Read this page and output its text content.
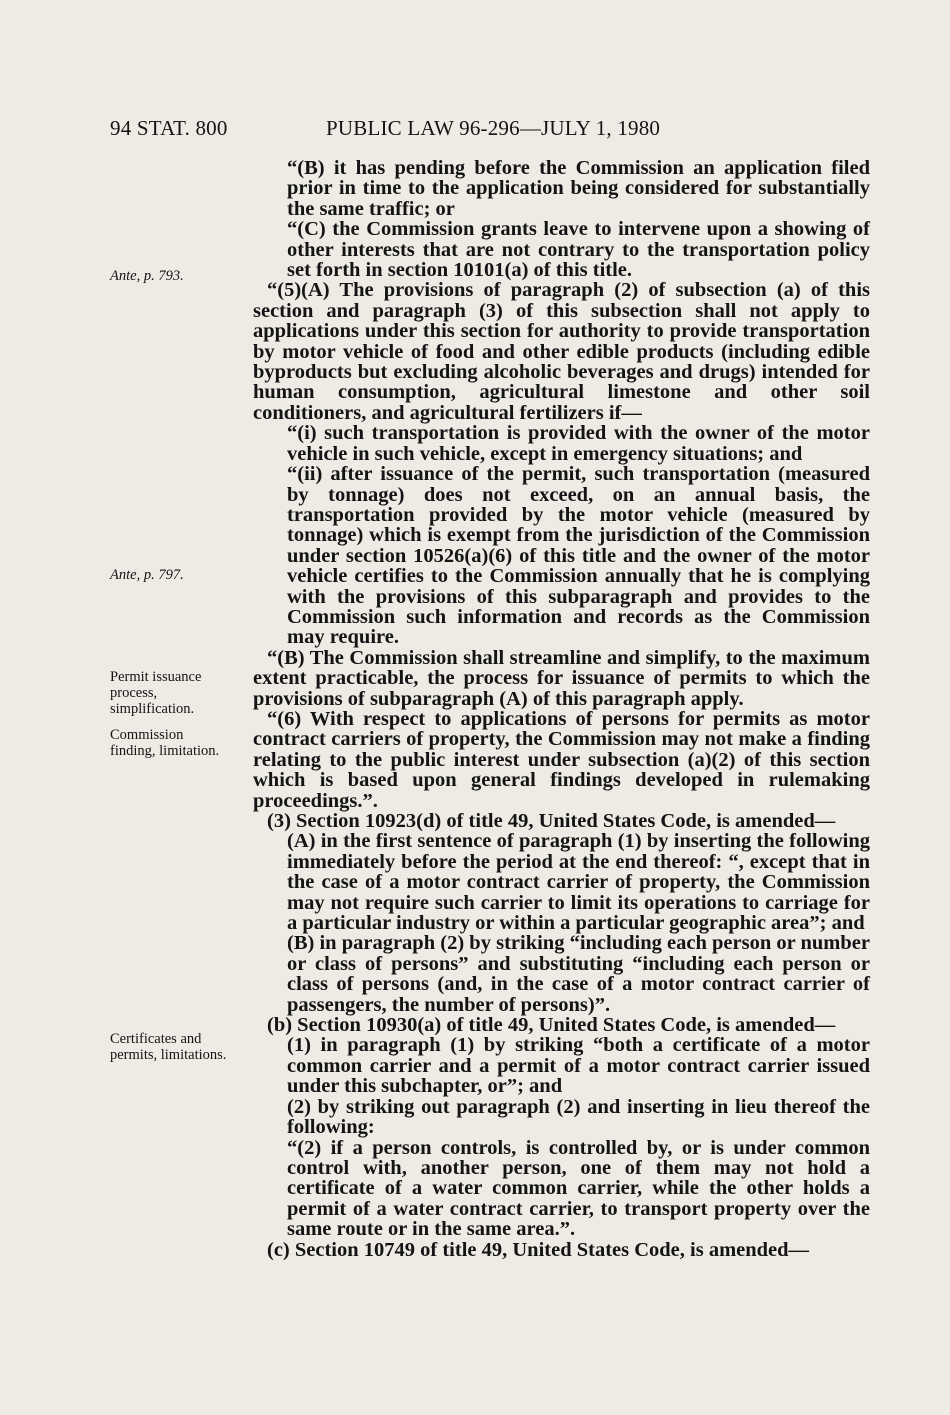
94 STAT. 800	PUBLIC LAW 96-296—JULY 1, 1980
Ante, p. 793.
Ante, p. 797.
Permit issuance process, simplification.
Commission finding, limitation.
Certificates and permits, limitations.

“(B) it has pending before the Commission an application filed prior in time to the application being considered for substantially the same traffic; or

“(C) the Commission grants leave to intervene upon a showing of other interests that are not contrary to the transportation policy set forth in section 10101(a) of this title.

“(5)(A) The provisions of paragraph (2) of subsection (a) of this section and paragraph (3) of this subsection shall not apply to applications under this section for authority to provide transportation by motor vehicle of food and other edible products (including edible byproducts but excluding alcoholic beverages and drugs) intended for human consumption, agricultural limestone and other soil conditioners, and agricultural fertilizers if—

“(i) such transportation is provided with the owner of the motor vehicle in such vehicle, except in emergency situations; and

“(ii) after issuance of the permit, such transportation (measured by tonnage) does not exceed, on an annual basis, the transportation provided by the motor vehicle (measured by tonnage) which is exempt from the jurisdiction of the Commission under section 10526(a)(6) of this title and the owner of the motor vehicle certifies to the Commission annually that he is complying with the provisions of this subparagraph and provides to the Commission such information and records as the Commission may require.

“(B) The Commission shall streamline and simplify, to the maximum extent practicable, the process for issuance of permits to which the provisions of subparagraph (A) of this paragraph apply.

“(6) With respect to applications of persons for permits as motor contract carriers of property, the Commission may not make a finding relating to the public interest under subsection (a)(2) of this section which is based upon general findings developed in rulemaking proceedings.”.

(3) Section 10923(d) of title 49, United States Code, is amended—

(A) in the first sentence of paragraph (1) by inserting the following immediately before the period at the end thereof: “, except that in the case of a motor contract carrier of property, the Commission may not require such carrier to limit its operations to carriage for a particular industry or within a particular geographic area”; and

(B) in paragraph (2) by striking “including each person or number or class of persons” and substituting “including each person or class of persons (and, in the case of a motor contract carrier of passengers, the number of persons)”.

(b) Section 10930(a) of title 49, United States Code, is amended—

(1) in paragraph (1) by striking “both a certificate of a motor common carrier and a permit of a motor contract carrier issued under this subchapter, or”; and

(2) by striking out paragraph (2) and inserting in lieu thereof the following:

“(2) if a person controls, is controlled by, or is under common control with, another person, one of them may not hold a certificate of a water common carrier, while the other holds a permit of a water contract carrier, to transport property over the same route or in the same area.”.

(c) Section 10749 of title 49, United States Code, is amended—
